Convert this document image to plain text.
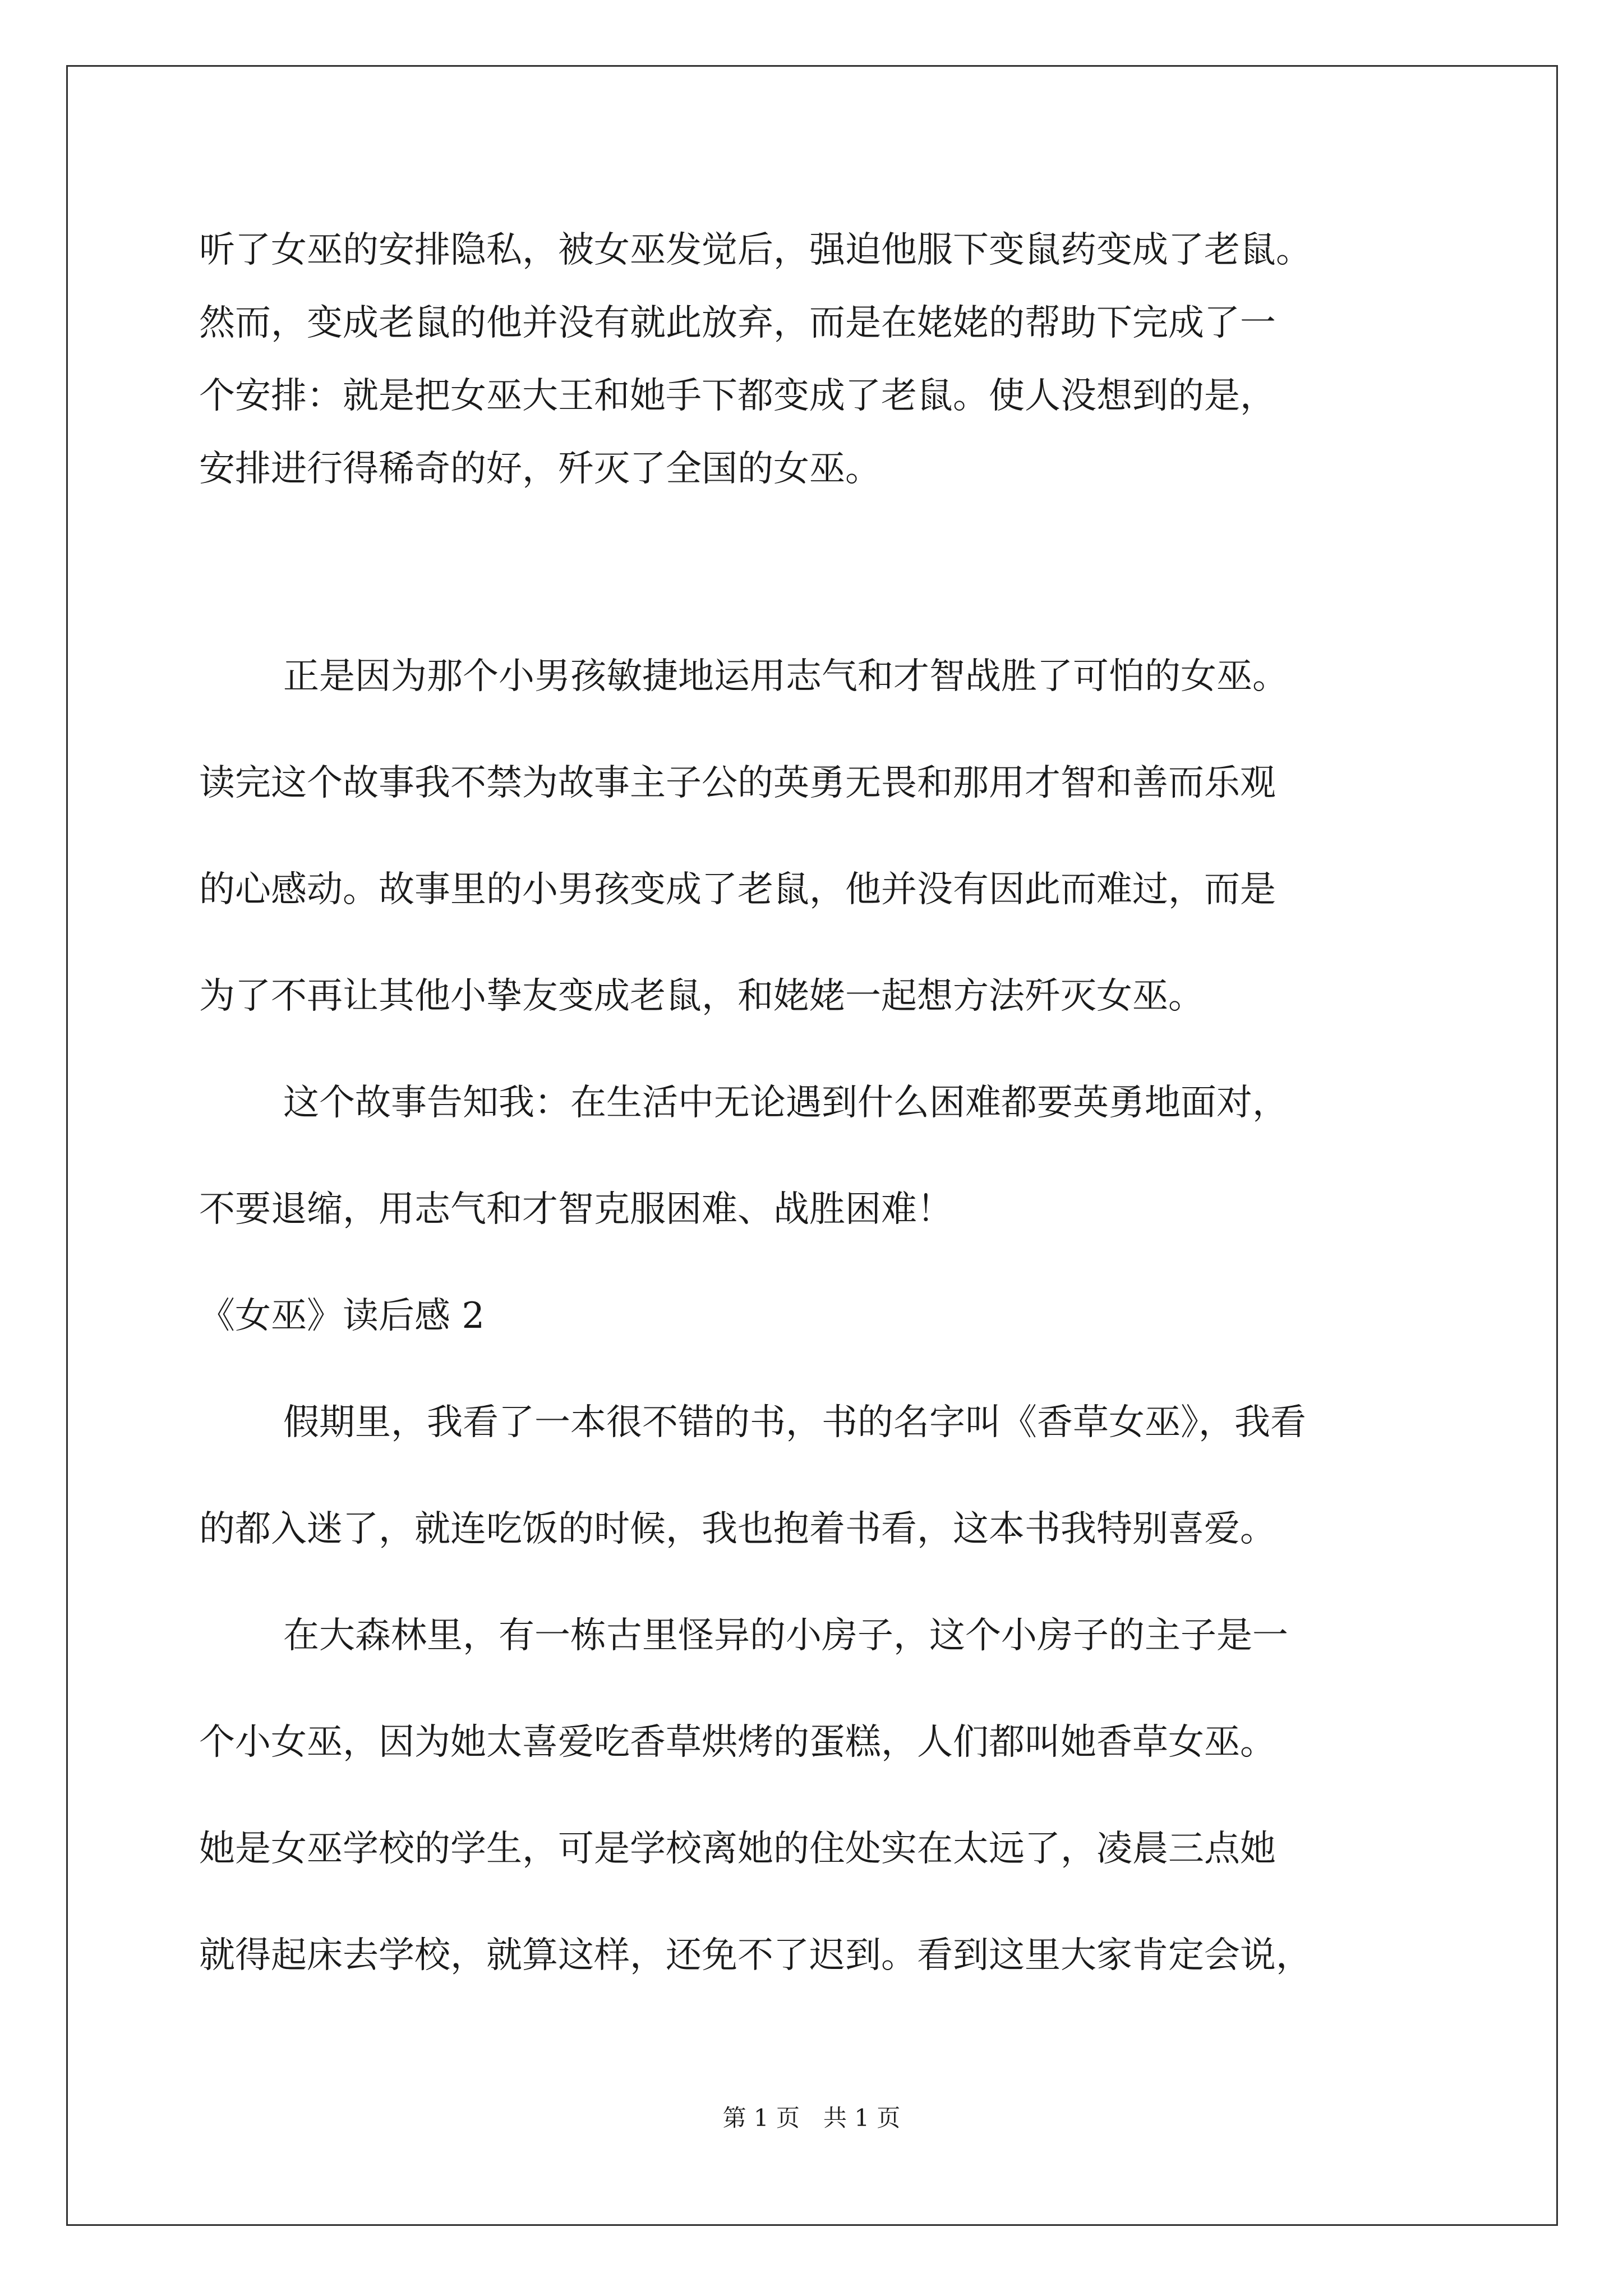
听了女巫的安排隐私，被女巫发觉后，强迫他服下变鼠药变成了老鼠。

然而，变成老鼠的他并没有就此放弃，而是在姥姥的帮助下完成了一

个安排：就是把女巫大王和她手下都变成了老鼠。使人没想到的是，

安排进行得稀奇的好，歼灭了全国的女巫。

正是因为那个小男孩敏捷地运用志气和才智战胜了可怕的女巫。

读完这个故事我不禁为故事主子公的英勇无畏和那用才智和善而乐观

的心感动。故事里的小男孩变成了老鼠，他并没有因此而难过，而是

为了不再让其他小挚友变成老鼠，和姥姥一起想方法歼灭女巫。

这个故事告知我：在生活中无论遇到什么困难都要英勇地面对，

不要退缩，用志气和才智克服困难、战胜困难！

《女巫》读后感 2

假期里，我看了一本很不错的书，书的名字叫《香草女巫》，我看

的都入迷了，就连吃饭的时候，我也抱着书看，这本书我特别喜爱。

在大森林里，有一栋古里怪异的小房子，这个小房子的主子是一

个小女巫，因为她太喜爱吃香草烘烤的蛋糕，人们都叫她香草女巫。

她是女巫学校的学生，可是学校离她的住处实在太远了，凌晨三点她

就得起床去学校，就算这样，还免不了迟到。看到这里大家肯定会说，

第 1 页　共 1 页
